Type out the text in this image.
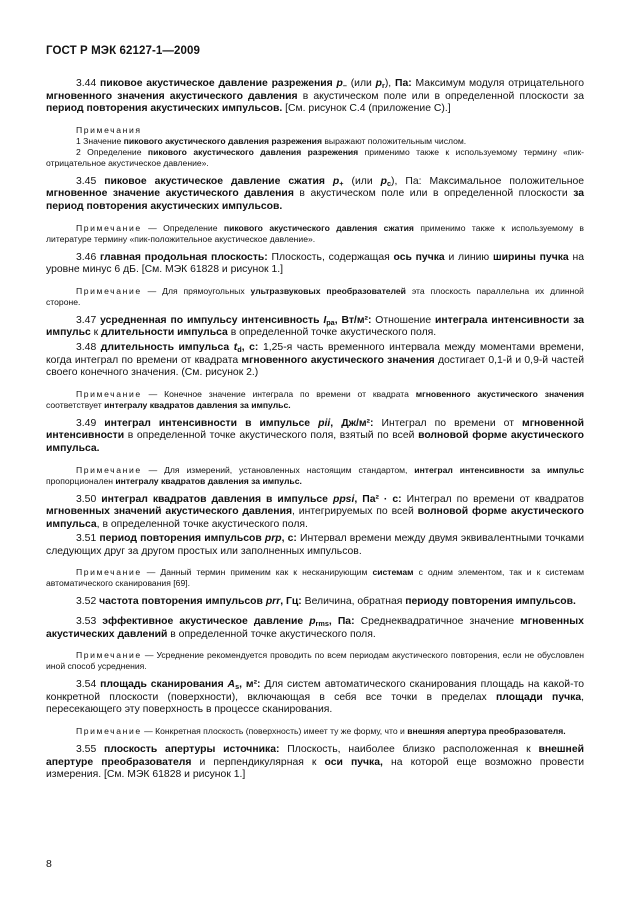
ГОСТ Р МЭК 62127-1—2009

3.44 пиковое акустическое давление разрежения $p_-$ (или $p_r$), Па: Максимум модуля отрицательного мгновенного значения акустического давления в акустическом поле или в определенной плоскости за период повторения акустических импульсов. [См. рисунок С.4 (приложение С).]

Примечания

1 Значение пикового акустического давления разрежения выражают положительным числом.

2 Определение пикового акустического давления разрежения применимо также к используемому термину «пик-отрицательное акустическое давление».

3.45 пиковое акустическое давление сжатия $p_+$ (или $p_c$), Па: Максимальное положительное мгновенное значение акустического давления в акустическом поле или в определенной плоскости за период повторения акустических импульсов.

Примечание — Определение пикового акустического давления сжатия применимо также к используемому в литературе термину «пик-положительное акустическое давление».

3.46 главная продольная плоскость: Плоскость, содержащая ось пучка и линию ширины пучка на уровне минус 6 дБ. [См. МЭК 61828 и рисунок 1.]

Примечание — Для прямоугольных ультразвуковых преобразователей эта плоскость параллельна их длинной стороне.

3.47 усредненная по импульсу интенсивность $I_{pa}$, Вт/м²: Отношение интеграла интенсивности за импульс к длительности импульса в определенной точке акустического поля.

3.48 длительность импульса $t_d$, с: 1,25-я часть временного интервала между моментами времени, когда интеграл по времени от квадрата мгновенного акустического значения достигает 0,1-й и 0,9-й частей своего конечного значения. (См. рисунок 2.)

Примечание — Конечное значение интеграла по времени от квадрата мгновенного акустического значения соответствует интегралу квадратов давления за импульс.

3.49 интеграл интенсивности в импульсе pii, Дж/м²: Интеграл по времени от мгновенной интенсивности в определенной точке акустического поля, взятый по всей волновой форме акустического импульса.

Примечание — Для измерений, установленных настоящим стандартом, интеграл интенсивности за импульс пропорционален интегралу квадратов давления за импульс.

3.50 интеграл квадратов давления в импульсе ppsi, Па² · с: Интеграл по времени от квадратов мгновенных значений акустического давления, интегрируемых по всей волновой форме акустического импульса, в определенной точке акустического поля.

3.51 период повторения импульсов prp, с: Интервал времени между двумя эквивалентными точками следующих друг за другом простых или заполненных импульсов.

Примечание — Данный термин применим как к несканирующим системам с одним элементом, так и к системам автоматического сканирования [69].

3.52 частота повторения импульсов prr, Гц: Величина, обратная периоду повторения импульсов.

3.53 эффективное акустическое давление $p_{rms}$, Па: Среднеквадратичное значение мгновенных акустических давлений в определенной точке акустического поля.

Примечание — Усреднение рекомендуется проводить по всем периодам акустического повторения, если не обусловлен иной способ усреднения.

3.54 площадь сканирования $A_s$, м²: Для систем автоматического сканирования площадь на какой-то конкретной плоскости (поверхности), включающая в себя все точки в пределах площади пучка, пересекающего эту поверхность в процессе сканирования.

Примечание — Конкретная плоскость (поверхность) имеет ту же форму, что и внешняя апертура преобразователя.

3.55 плоскость апертуры источника: Плоскость, наиболее близко расположенная к внешней апертуре преобразователя и перпендикулярная к оси пучка, на которой еще возможно провести измерения. [См. МЭК 61828 и рисунок 1.]

8
